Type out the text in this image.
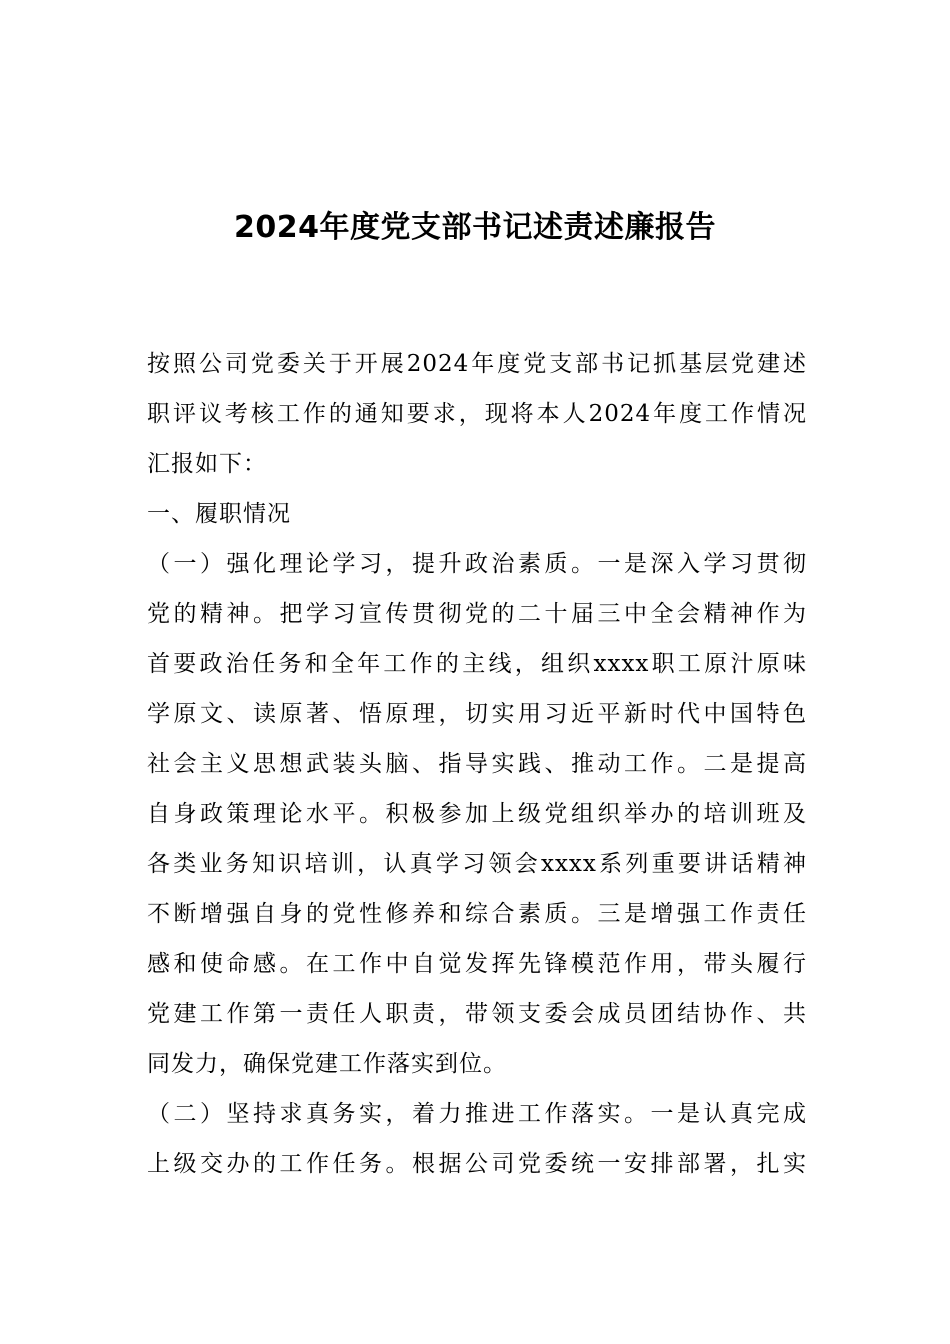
2024年度党支部书记述责述廉报告
按照公司党委关于开展2024年度党支部书记抓基层党建述
职评议考核工作的通知要求，现将本人2024年度工作情况
汇报如下：
一、履职情况
（一）强化理论学习，提升政治素质。一是深入学习贯彻
党的精神。把学习宣传贯彻党的二十届三中全会精神作为
首要政治任务和全年工作的主线，组织xxxx职工原汁原味
学原文、读原著、悟原理，切实用习近平新时代中国特色
社会主义思想武装头脑、指导实践、推动工作。二是提高
自身政策理论水平。积极参加上级党组织举办的培训班及
各类业务知识培训，认真学习领会xxxx系列重要讲话精神
不断增强自身的党性修养和综合素质。三是增强工作责任
感和使命感。在工作中自觉发挥先锋模范作用，带头履行
党建工作第一责任人职责，带领支委会成员团结协作、共
同发力，确保党建工作落实到位。
（二）坚持求真务实，着力推进工作落实。一是认真完成
上级交办的工作任务。根据公司党委统一安排部署，扎实
